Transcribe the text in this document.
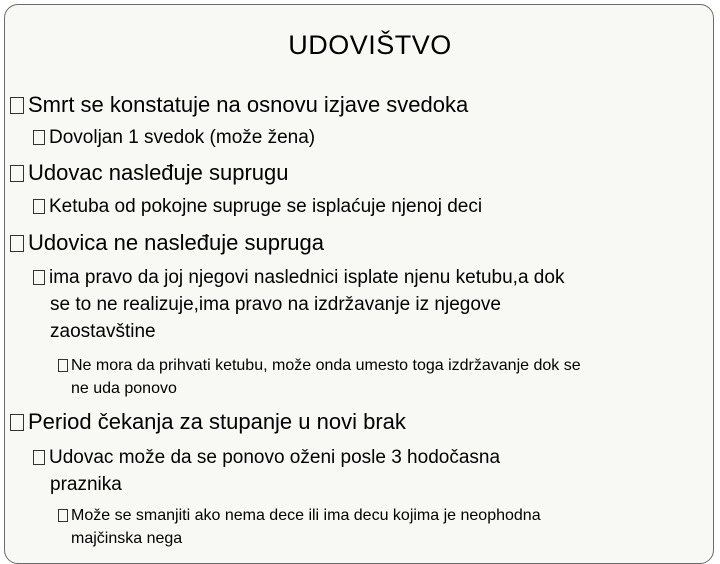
UDOVIŠTVO
Smrt se konstatuje na osnovu izjave svedoka
Dovoljan 1 svedok (može žena)
Udovac nasleđuje suprugu
Ketuba od pokojne supruge se isplaćuje njenoj deci
Udovica ne nasleđuje supruga
ima pravo da joj njegovi naslednici isplate njenu ketubu,a dok
se to ne realizuje,ima pravo na izdržavanje iz njegove
zaostavštine
Ne mora da prihvati ketubu, može onda umesto toga izdržavanje dok se
ne uda ponovo
Period čekanja za stupanje u novi brak
Udovac može da se ponovo oženi posle 3 hodočasna
praznika
Može se smanjiti ako nema dece ili ima decu kojima je neophodna
majčinska nega
